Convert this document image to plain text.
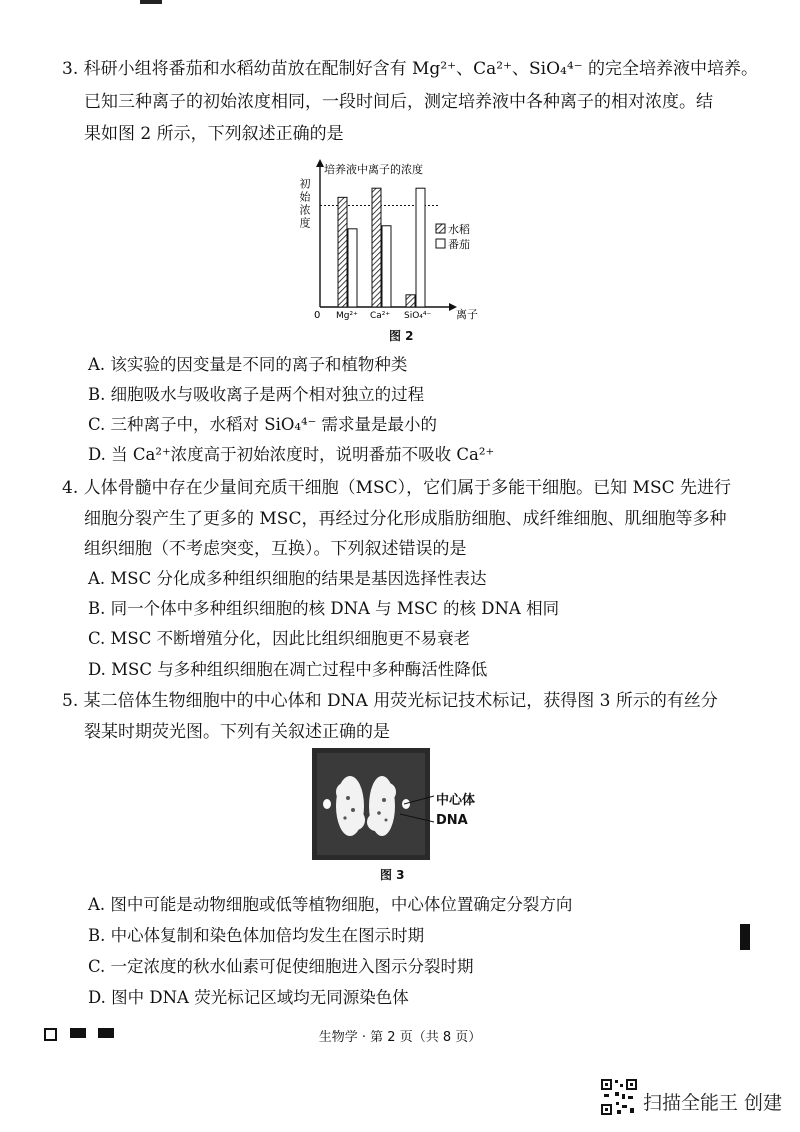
3. 科研小组将番茄和水稻幼苗放在配制好含有 Mg²⁺、Ca²⁺、SiO₄⁴⁻ 的完全培养液中培养。
已知三种离子的初始浓度相同，一段时间后，测定培养液中各种离子的相对浓度。结
果如图 2 所示，下列叙述正确的是
培养液中离子的浓度
离子
0
初
始
浓
度
Mg²⁺ Ca²⁺ SiO₄⁴⁻
水稻
番茄
图 2
A. 该实验的因变量是不同的离子和植物种类
B. 细胞吸水与吸收离子是两个相对独立的过程
C. 三种离子中，水稻对 SiO₄⁴⁻ 需求量是最小的
D. 当 Ca²⁺浓度高于初始浓度时，说明番茄不吸收 Ca²⁺
4. 人体骨髓中存在少量间充质干细胞（MSC），它们属于多能干细胞。已知 MSC 先进行
细胞分裂产生了更多的 MSC，再经过分化形成脂肪细胞、成纤维细胞、肌细胞等多种
组织细胞（不考虑突变，互换）。下列叙述错误的是
A. MSC 分化成多种组织细胞的结果是基因选择性表达
B. 同一个体中多种组织细胞的核 DNA 与 MSC 的核 DNA 相同
C. MSC 不断增殖分化，因此比组织细胞更不易衰老
D. MSC 与多种组织细胞在凋亡过程中多种酶活性降低
5. 某二倍体生物细胞中的中心体和 DNA 用荧光标记技术标记，获得图 3 所示的有丝分
裂某时期荧光图。下列有关叙述正确的是
中心体
DNA
图 3
A. 图中可能是动物细胞或低等植物细胞，中心体位置确定分裂方向
B. 中心体复制和染色体加倍均发生在图示时期
C. 一定浓度的秋水仙素可促使细胞进入图示分裂时期
D. 图中 DNA 荧光标记区域均无同源染色体
生物学 · 第 2 页（共 8 页）
扫描全能王 创建
